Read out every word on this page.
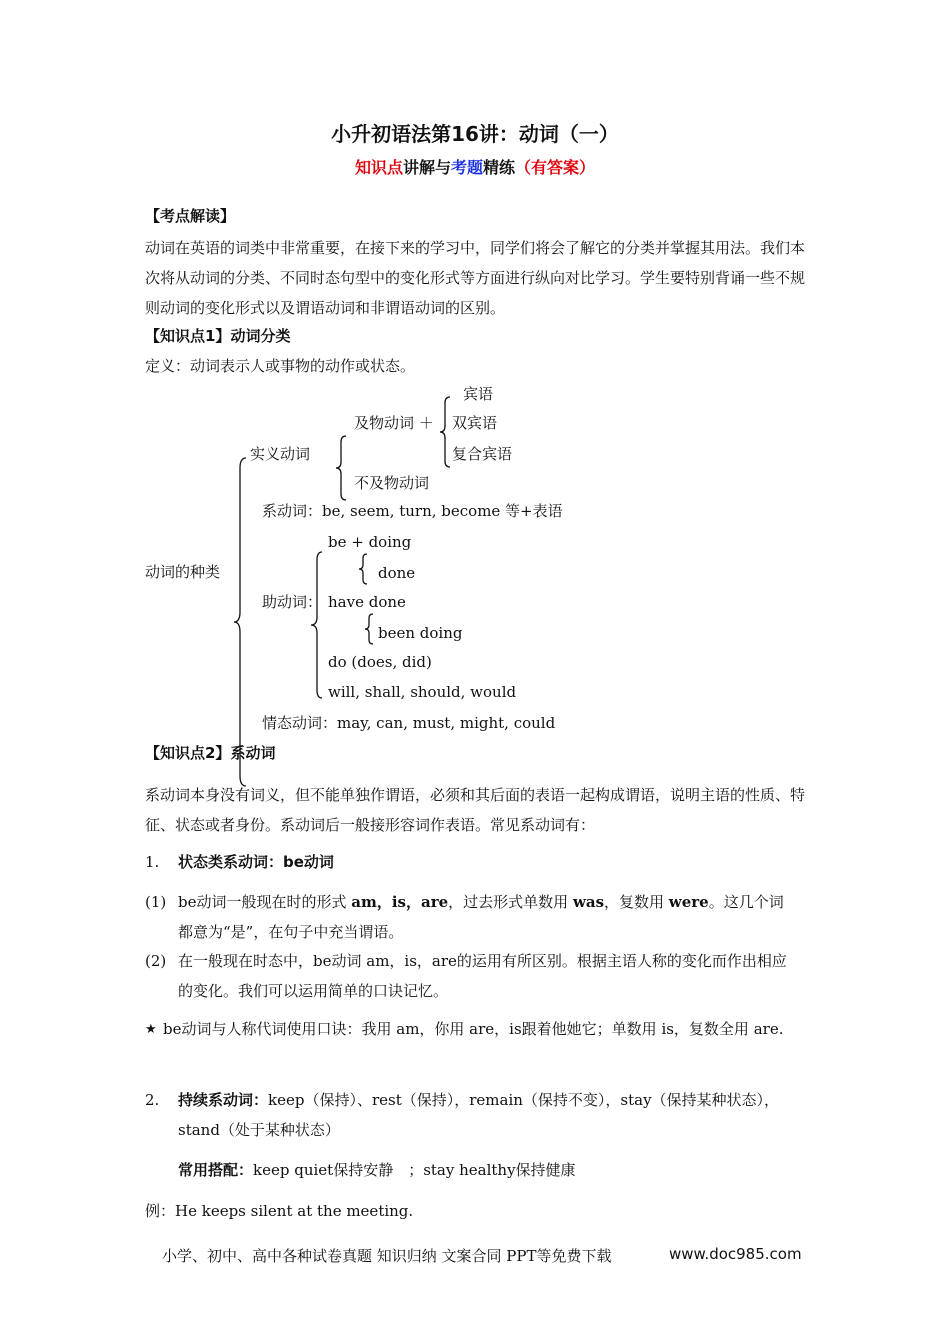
小升初语法第16讲：动词（一）
知识点讲解与考题精练（有答案）
【考点解读】
动词在英语的词类中非常重要，在接下来的学习中，同学们将会了解它的分类并掌握其用法。我们本次将从动词的分类、不同时态句型中的变化形式等方面进行纵向对比学习。学生要特别背诵一些不规则动词的变化形式以及谓语动词和非谓语动词的区别。
【知识点1】动词分类
定义：动词表示人或事物的动作或状态。
动词的种类
实义动词
及物动词 ＋
不及物动词
宾语
双宾语
复合宾语
系动词：be, seem, turn, become 等+表语
助动词：
be + doing
done
have done
been doing
do (does, did)
will, shall, should, would
情态动词：may, can, must, might, could
【知识点2】系动词
系动词本身没有词义，但不能单独作谓语，必须和其后面的表语一起构成谓语，说明主语的性质、特征、状态或者身份。系动词后一般接形容词作表语。常见系动词有：
1. 状态类系动词：be动词
(1) be动词一般现在时的形式 am，is，are，过去形式单数用 was，复数用 were。这几个词都意为“是”，在句子中充当谓语。
(2) 在一般现在时态中，be动词 am，is，are的运用有所区别。根据主语人称的变化而作出相应的变化。我们可以运用简单的口诀记忆。
★ be动词与人称代词使用口诀：我用 am，你用 are，is跟着他她它；单数用 is，复数全用 are.
2. 持续系动词：keep（保持）、rest（保持），remain（保持不变），stay（保持某种状态），stand（处于某种状态）
常用搭配：keep quiet保持安静　；stay healthy保持健康
例：He keeps silent at the meeting.
小学、初中、高中各种试卷真题 知识归纳 文案合同 PPT等免费下载	www.doc985.com
